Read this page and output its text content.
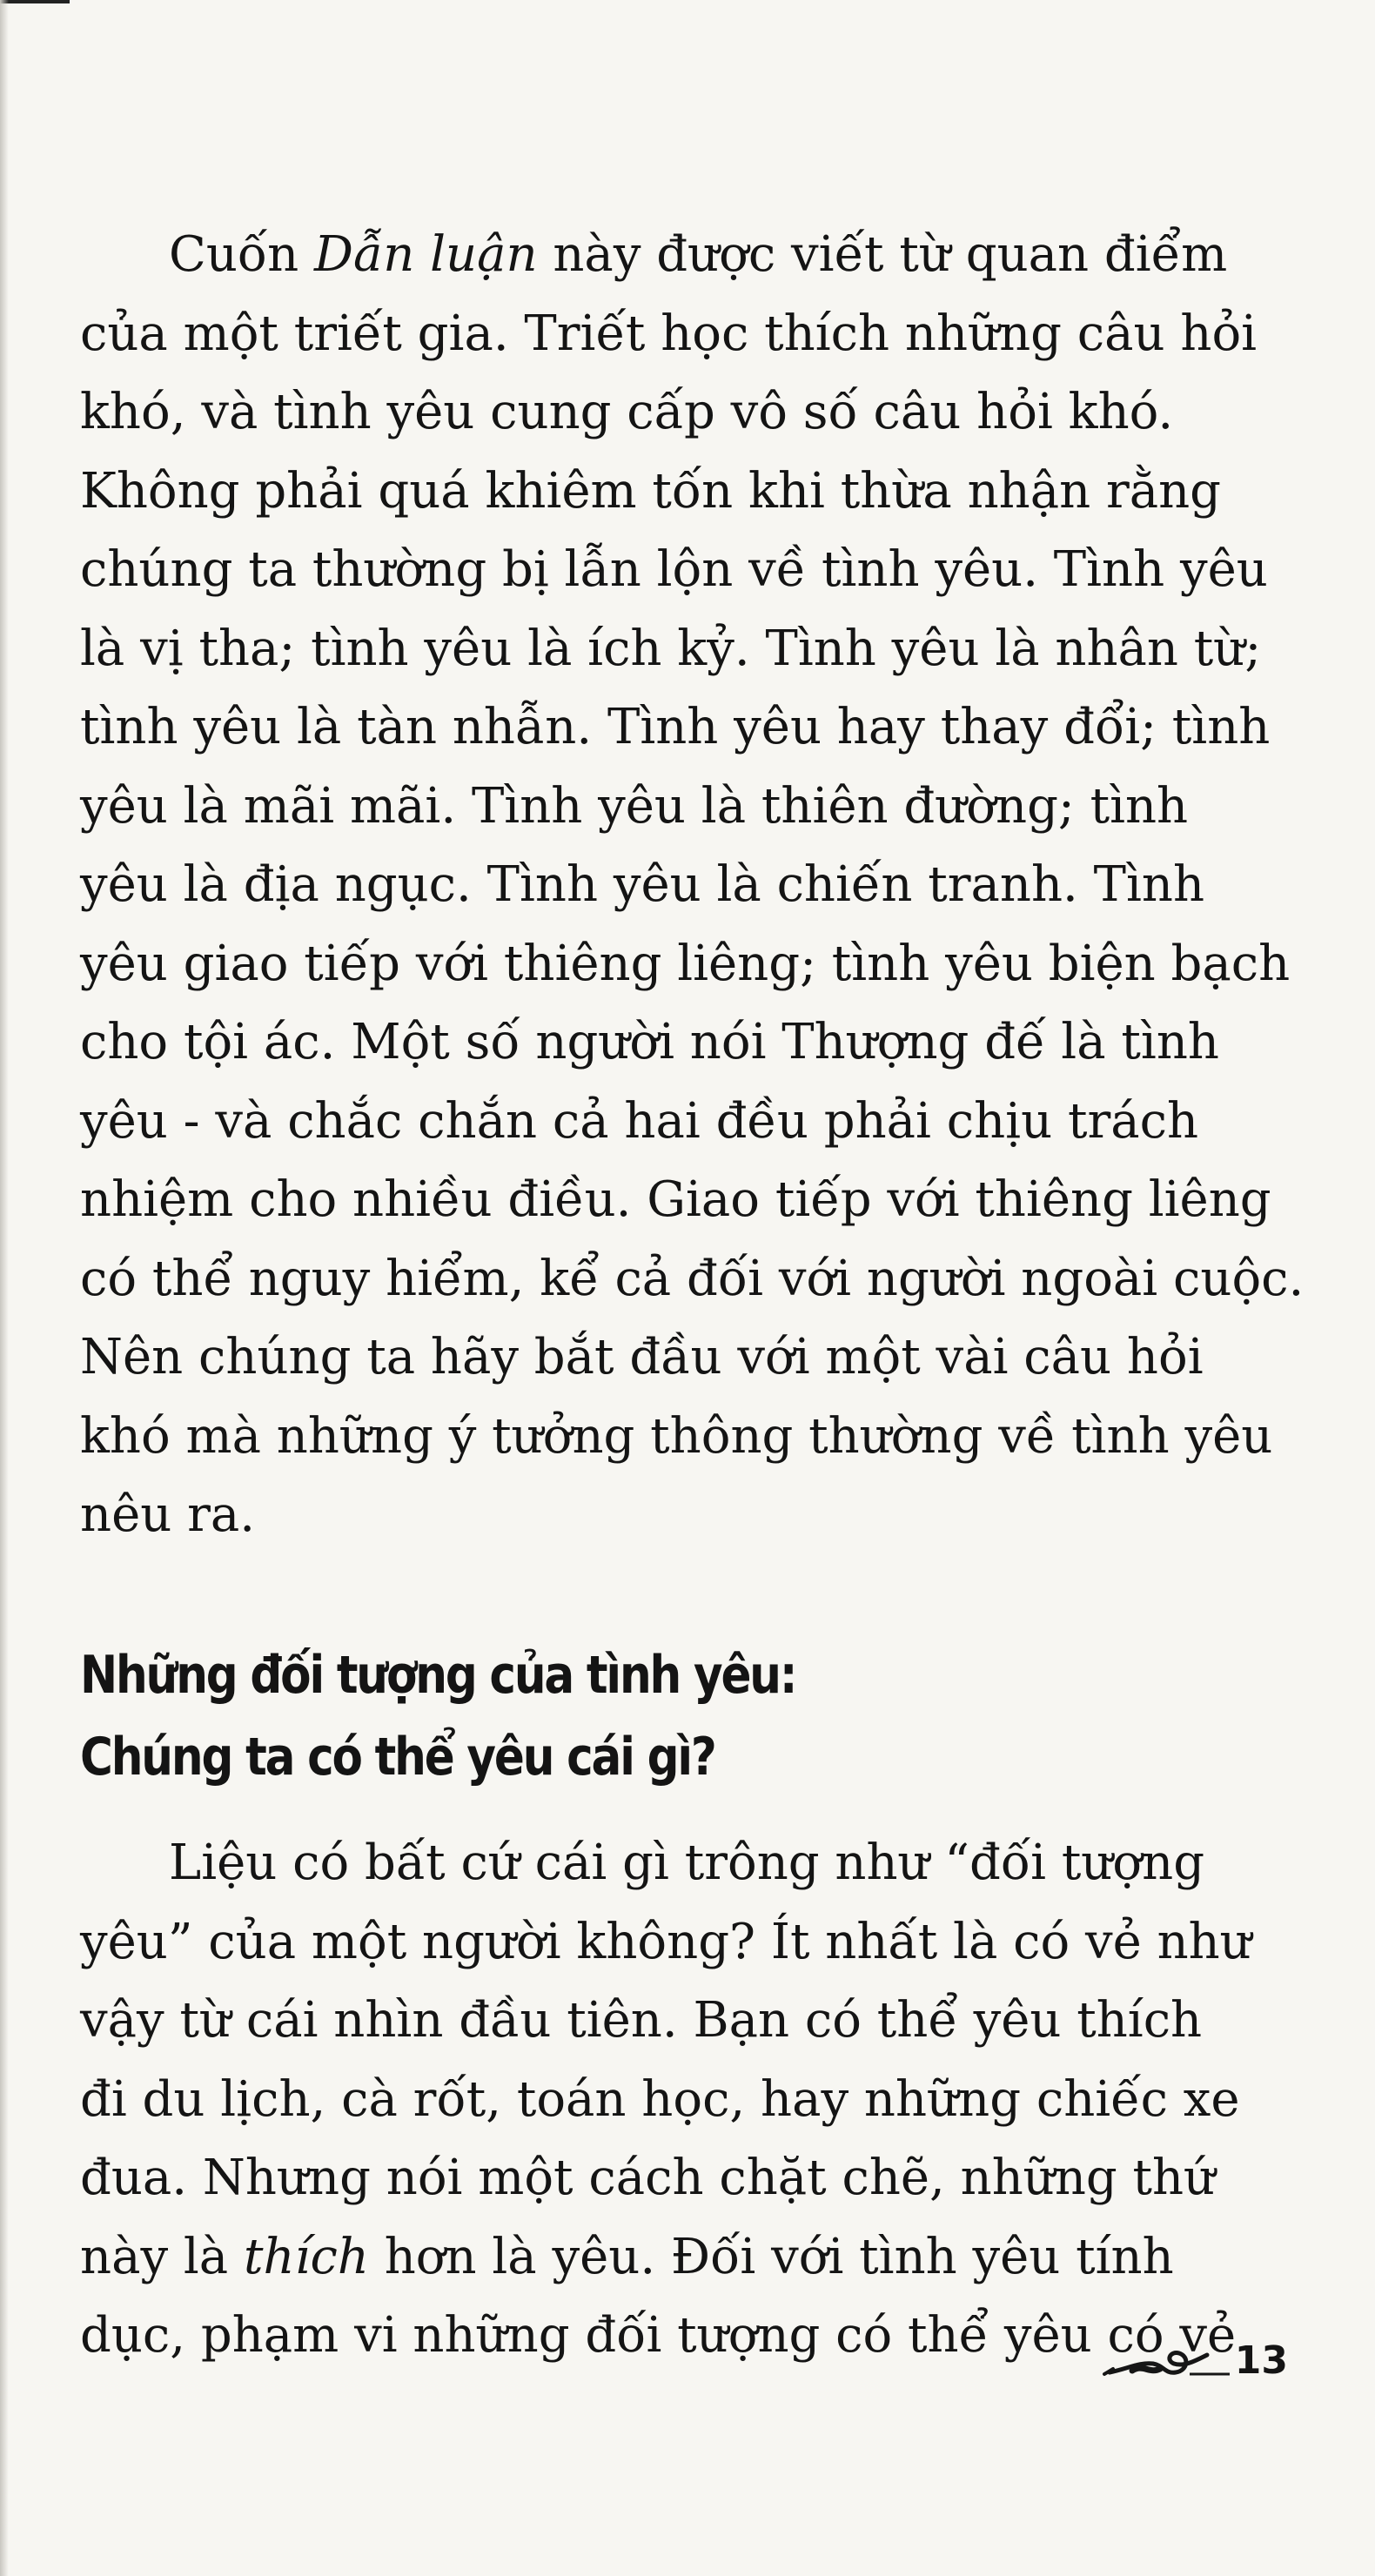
Cuốn Dẫn luận này được viết từ quan điểm
của một triết gia. Triết học thích những câu hỏi
khó, và tình yêu cung cấp vô số câu hỏi khó.
Không phải quá khiêm tốn khi thừa nhận rằng
chúng ta thường bị lẫn lộn về tình yêu. Tình yêu
là vị tha; tình yêu là ích kỷ. Tình yêu là nhân từ;
tình yêu là tàn nhẫn. Tình yêu hay thay đổi; tình
yêu là mãi mãi. Tình yêu là thiên đường; tình
yêu là địa ngục. Tình yêu là chiến tranh. Tình
yêu giao tiếp với thiêng liêng; tình yêu biện bạch
cho tội ác. Một số người nói Thượng đế là tình
yêu - và chắc chắn cả hai đều phải chịu trách
nhiệm cho nhiều điều. Giao tiếp với thiêng liêng
có thể nguy hiểm, kể cả đối với người ngoài cuộc.
Nên chúng ta hãy bắt đầu với một vài câu hỏi
khó mà những ý tưởng thông thường về tình yêu
nêu ra.

Những đối tượng của tình yêu:
Chúng ta có thể yêu cái gì?

Liệu có bất cứ cái gì trông như “đối tượng
yêu” của một người không? Ít nhất là có vẻ như
vậy từ cái nhìn đầu tiên. Bạn có thể yêu thích
đi du lịch, cà rốt, toán học, hay những chiếc xe
đua. Nhưng nói một cách chặt chẽ, những thứ
này là thích hơn là yêu. Đối với tình yêu tính
dục, phạm vi những đối tượng có thể yêu có vẻ

13
